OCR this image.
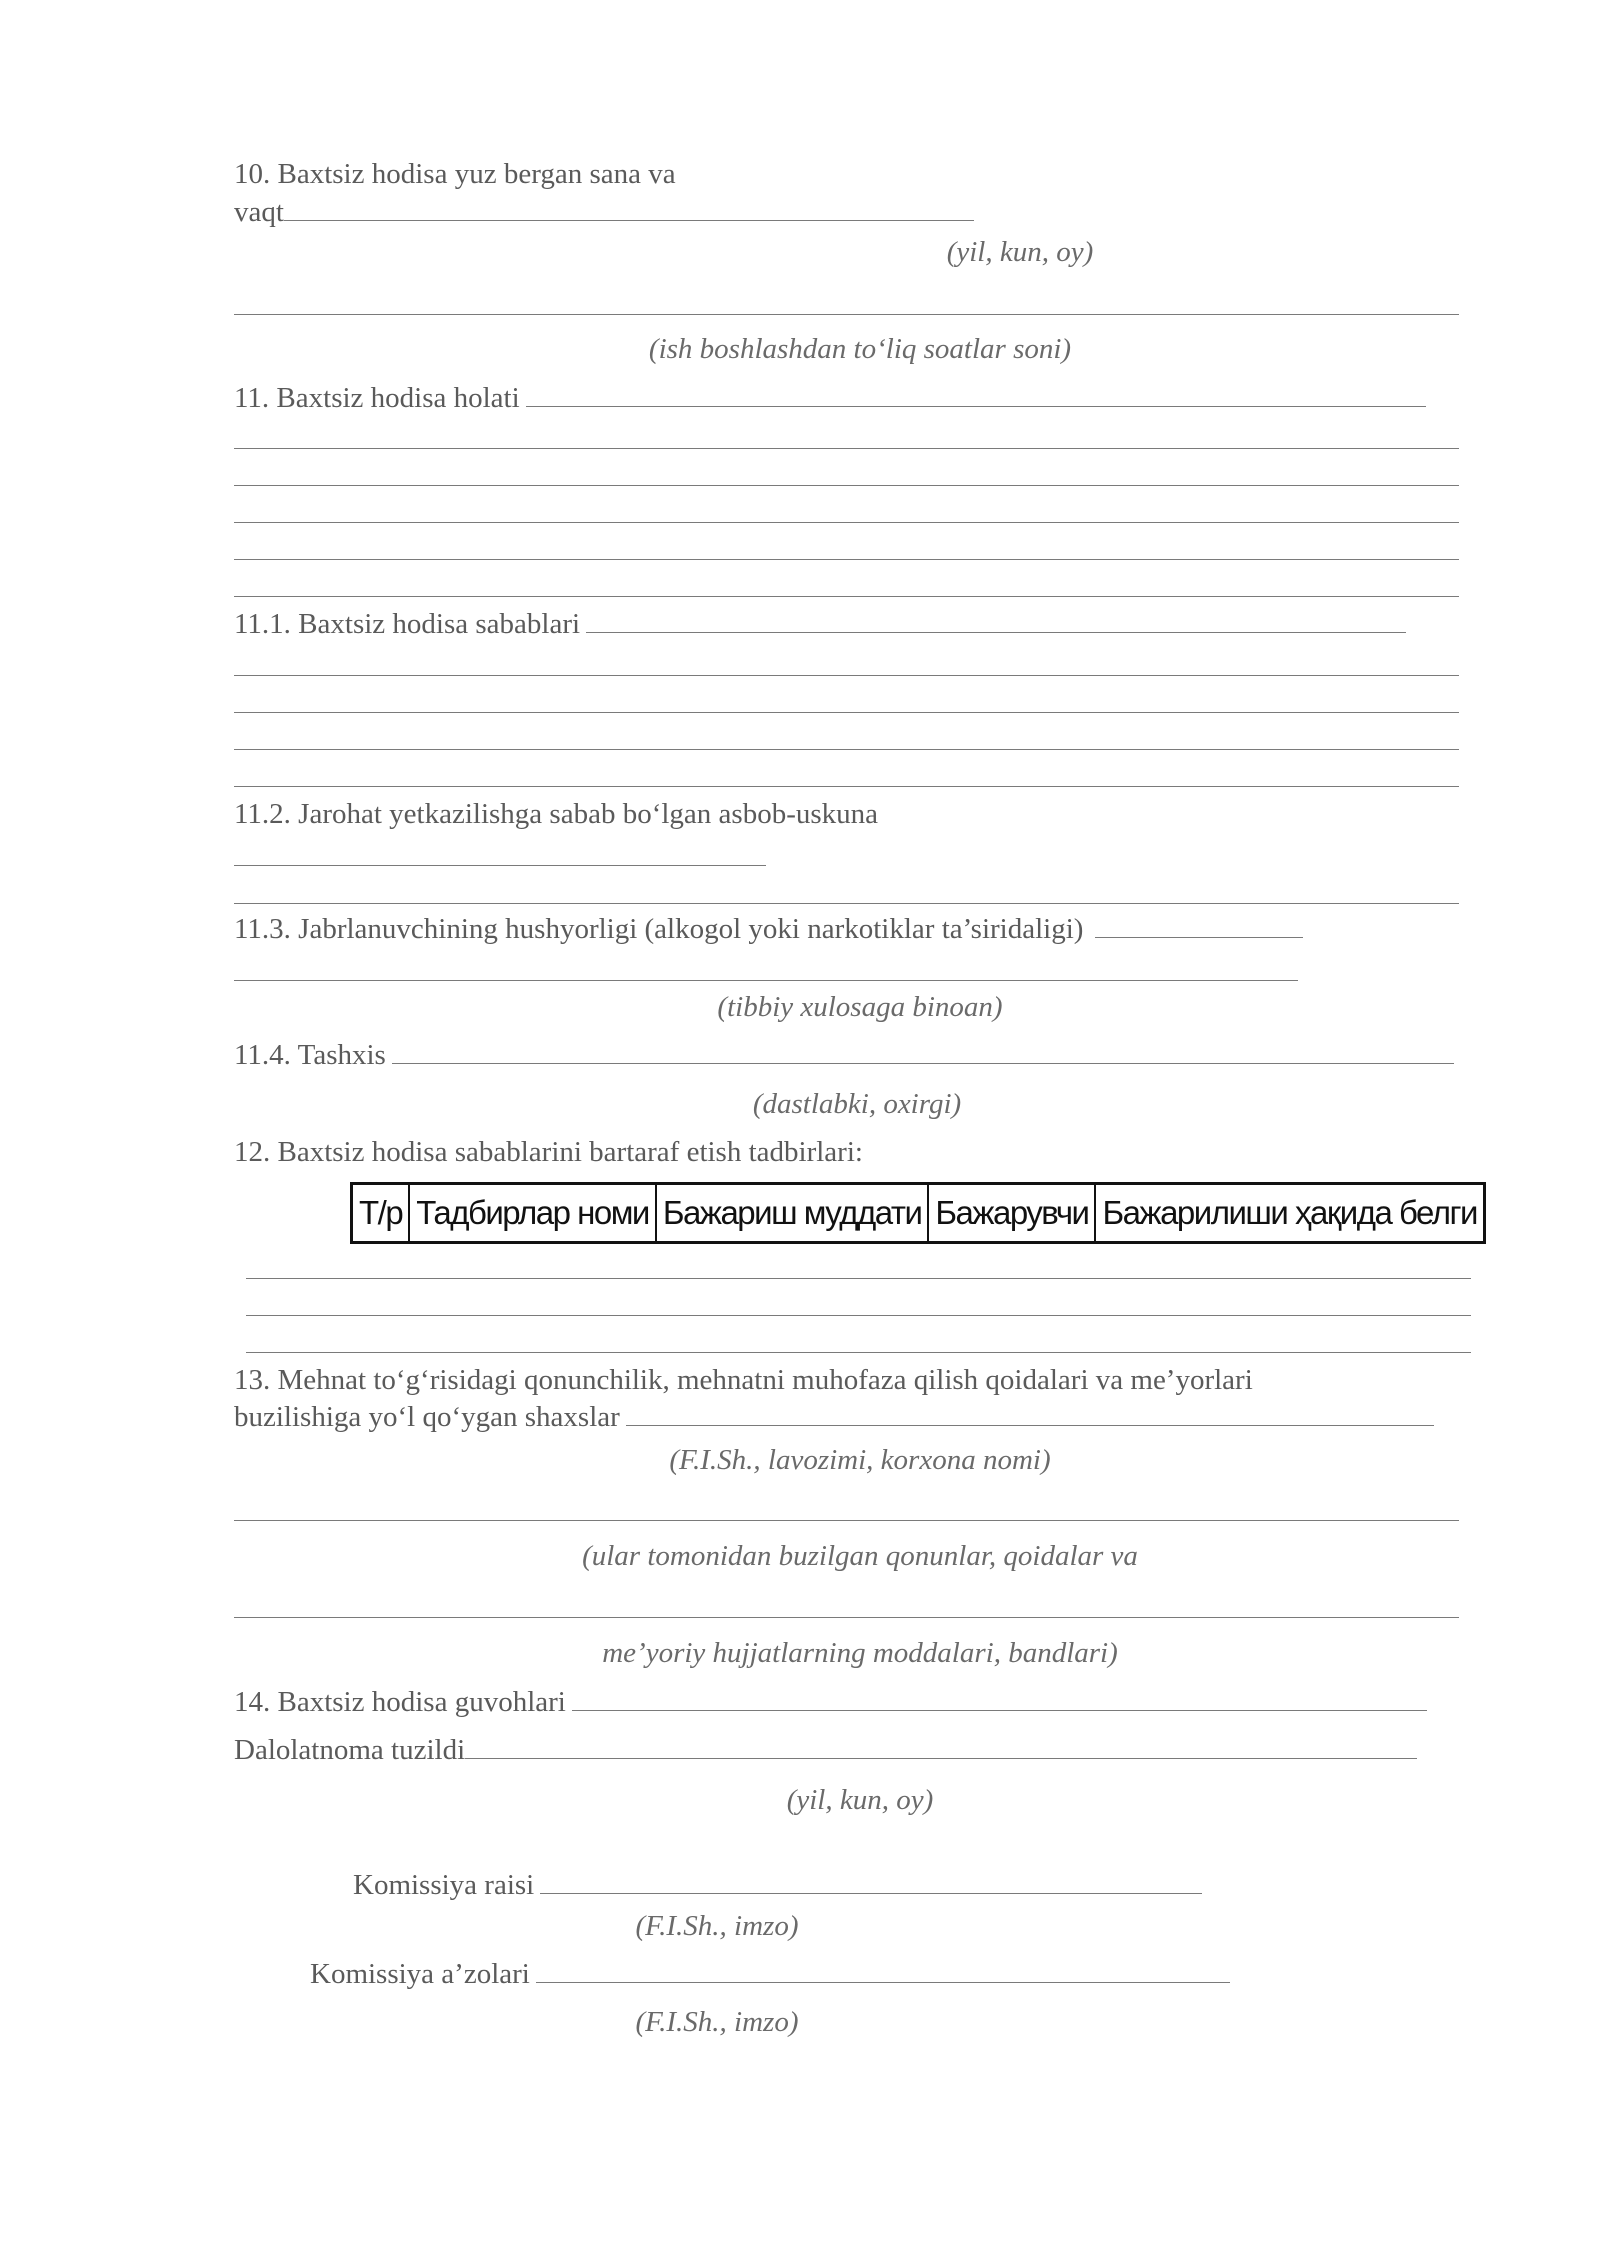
10. Baxtsiz hodisa yuz bergan sana va
vaqt
(yil, kun, oy)
(ish boshlashdan to‘liq soatlar soni)
11. Baxtsiz hodisa holati
11.1. Baxtsiz hodisa sabablari
11.2. Jarohat yetkazilishga sabab bo‘lgan asbob-uskuna
11.3. Jabrlanuvchining hushyorligi (alkogol yoki narkotiklar ta’siridaligi)
(tibbiy xulosaga binoan)
11.4. Tashxis
(dastlabki, oxirgi)
12. Baxtsiz hodisa sabablarini bartaraf etish tadbirlari:
Т/р	Тадбирлар номи	Бажариш муддати	Бажарувчи	Бажарилиши ҳақида белги
13. Mehnat to‘g‘risidagi qonunchilik, mehnatni muhofaza qilish qoidalari va me’yorlari
buzilishiga yo‘l qo‘ygan shaxslar
(F.I.Sh., lavozimi, korxona nomi)
(ular tomonidan buzilgan qonunlar, qoidalar va
me’yoriy hujjatlarning moddalari, bandlari)
14. Baxtsiz hodisa guvohlari
Dalolatnoma tuzildi
(yil, kun, oy)
Komissiya raisi
(F.I.Sh., imzo)
Komissiya a’zolari
(F.I.Sh., imzo)
